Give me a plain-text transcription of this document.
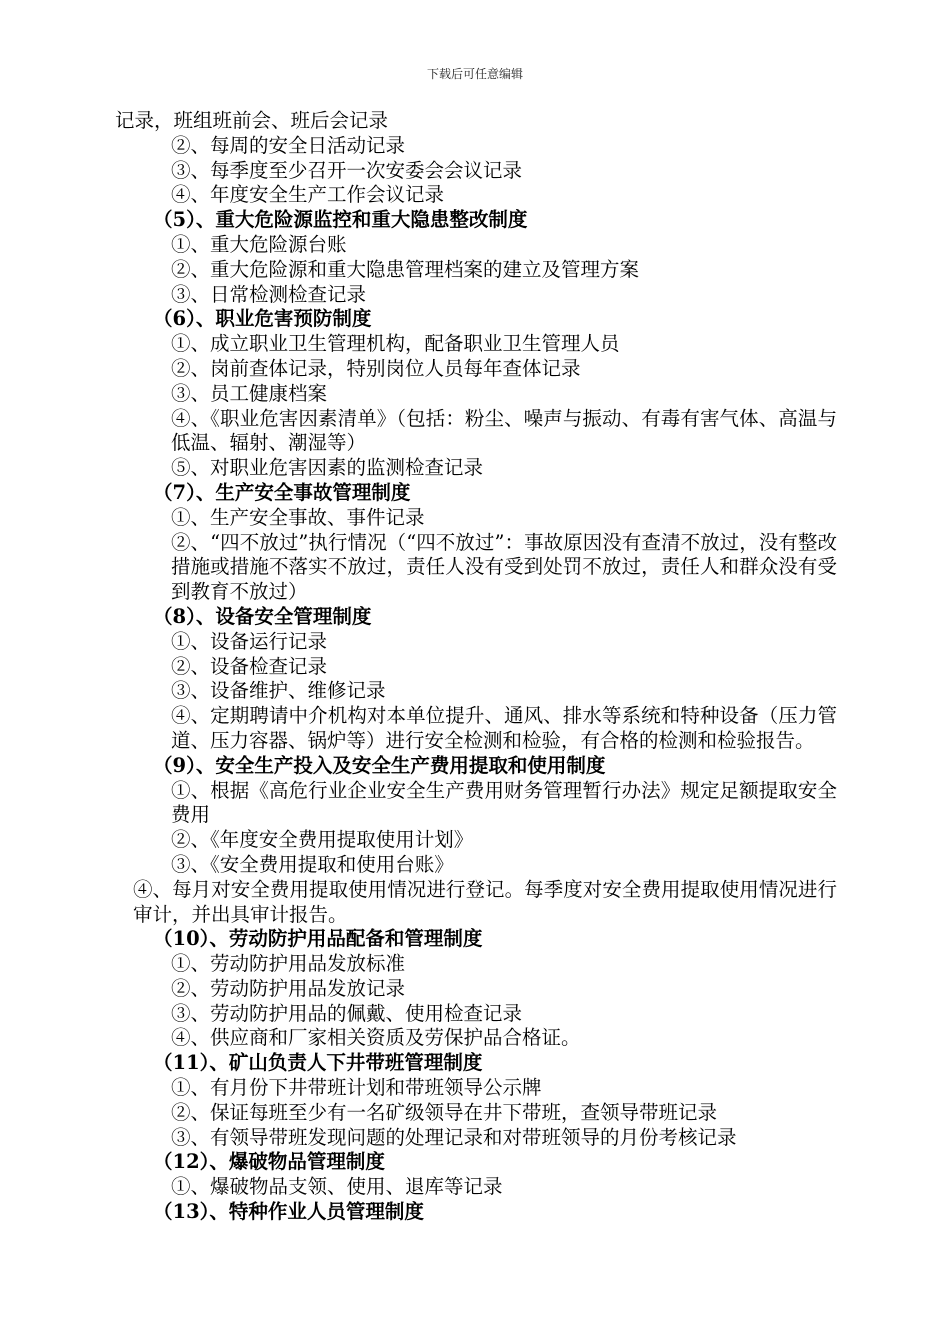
下载后可任意编辑
记录，班组班前会、班后会记录
②、每周的安全日活动记录
③、每季度至少召开一次安委会会议记录
④、年度安全生产工作会议记录
（5）、重大危险源监控和重大隐患整改制度
①、重大危险源台账
②、重大危险源和重大隐患管理档案的建立及管理方案
③、日常检测检查记录
（6）、职业危害预防制度
①、成立职业卫生管理机构，配备职业卫生管理人员
②、岗前查体记录，特别岗位人员每年查体记录
③、员工健康档案
④、《职业危害因素清单》（包括：粉尘、噪声与振动、有毒有害气体、高温与低温、辐射、潮湿等）
⑤、对职业危害因素的监测检查记录
（7）、生产安全事故管理制度
①、生产安全事故、事件记录
②、“四不放过”执行情况（“四不放过”：事故原因没有查清不放过，没有整改措施或措施不落实不放过，责任人没有受到处罚不放过，责任人和群众没有受到教育不放过）
（8）、设备安全管理制度
①、设备运行记录
②、设备检查记录
③、设备维护、维修记录
④、定期聘请中介机构对本单位提升、通风、排水等系统和特种设备（压力管道、压力容器、锅炉等）进行安全检测和检验，有合格的检测和检验报告。
（9）、安全生产投入及安全生产费用提取和使用制度
①、根据《高危行业企业安全生产费用财务管理暂行办法》规定足额提取安全费用
②、《年度安全费用提取使用计划》
③、《安全费用提取和使用台账》
④、每月对安全费用提取使用情况进行登记。每季度对安全费用提取使用情况进行审计，并出具审计报告。
（10）、劳动防护用品配备和管理制度
①、劳动防护用品发放标准
②、劳动防护用品发放记录
③、劳动防护用品的佩戴、使用检查记录
④、供应商和厂家相关资质及劳保护品合格证。
（11）、矿山负责人下井带班管理制度
①、有月份下井带班计划和带班领导公示牌
②、保证每班至少有一名矿级领导在井下带班，查领导带班记录
③、有领导带班发现问题的处理记录和对带班领导的月份考核记录
（12）、爆破物品管理制度
①、爆破物品支领、使用、退库等记录
（13）、特种作业人员管理制度
